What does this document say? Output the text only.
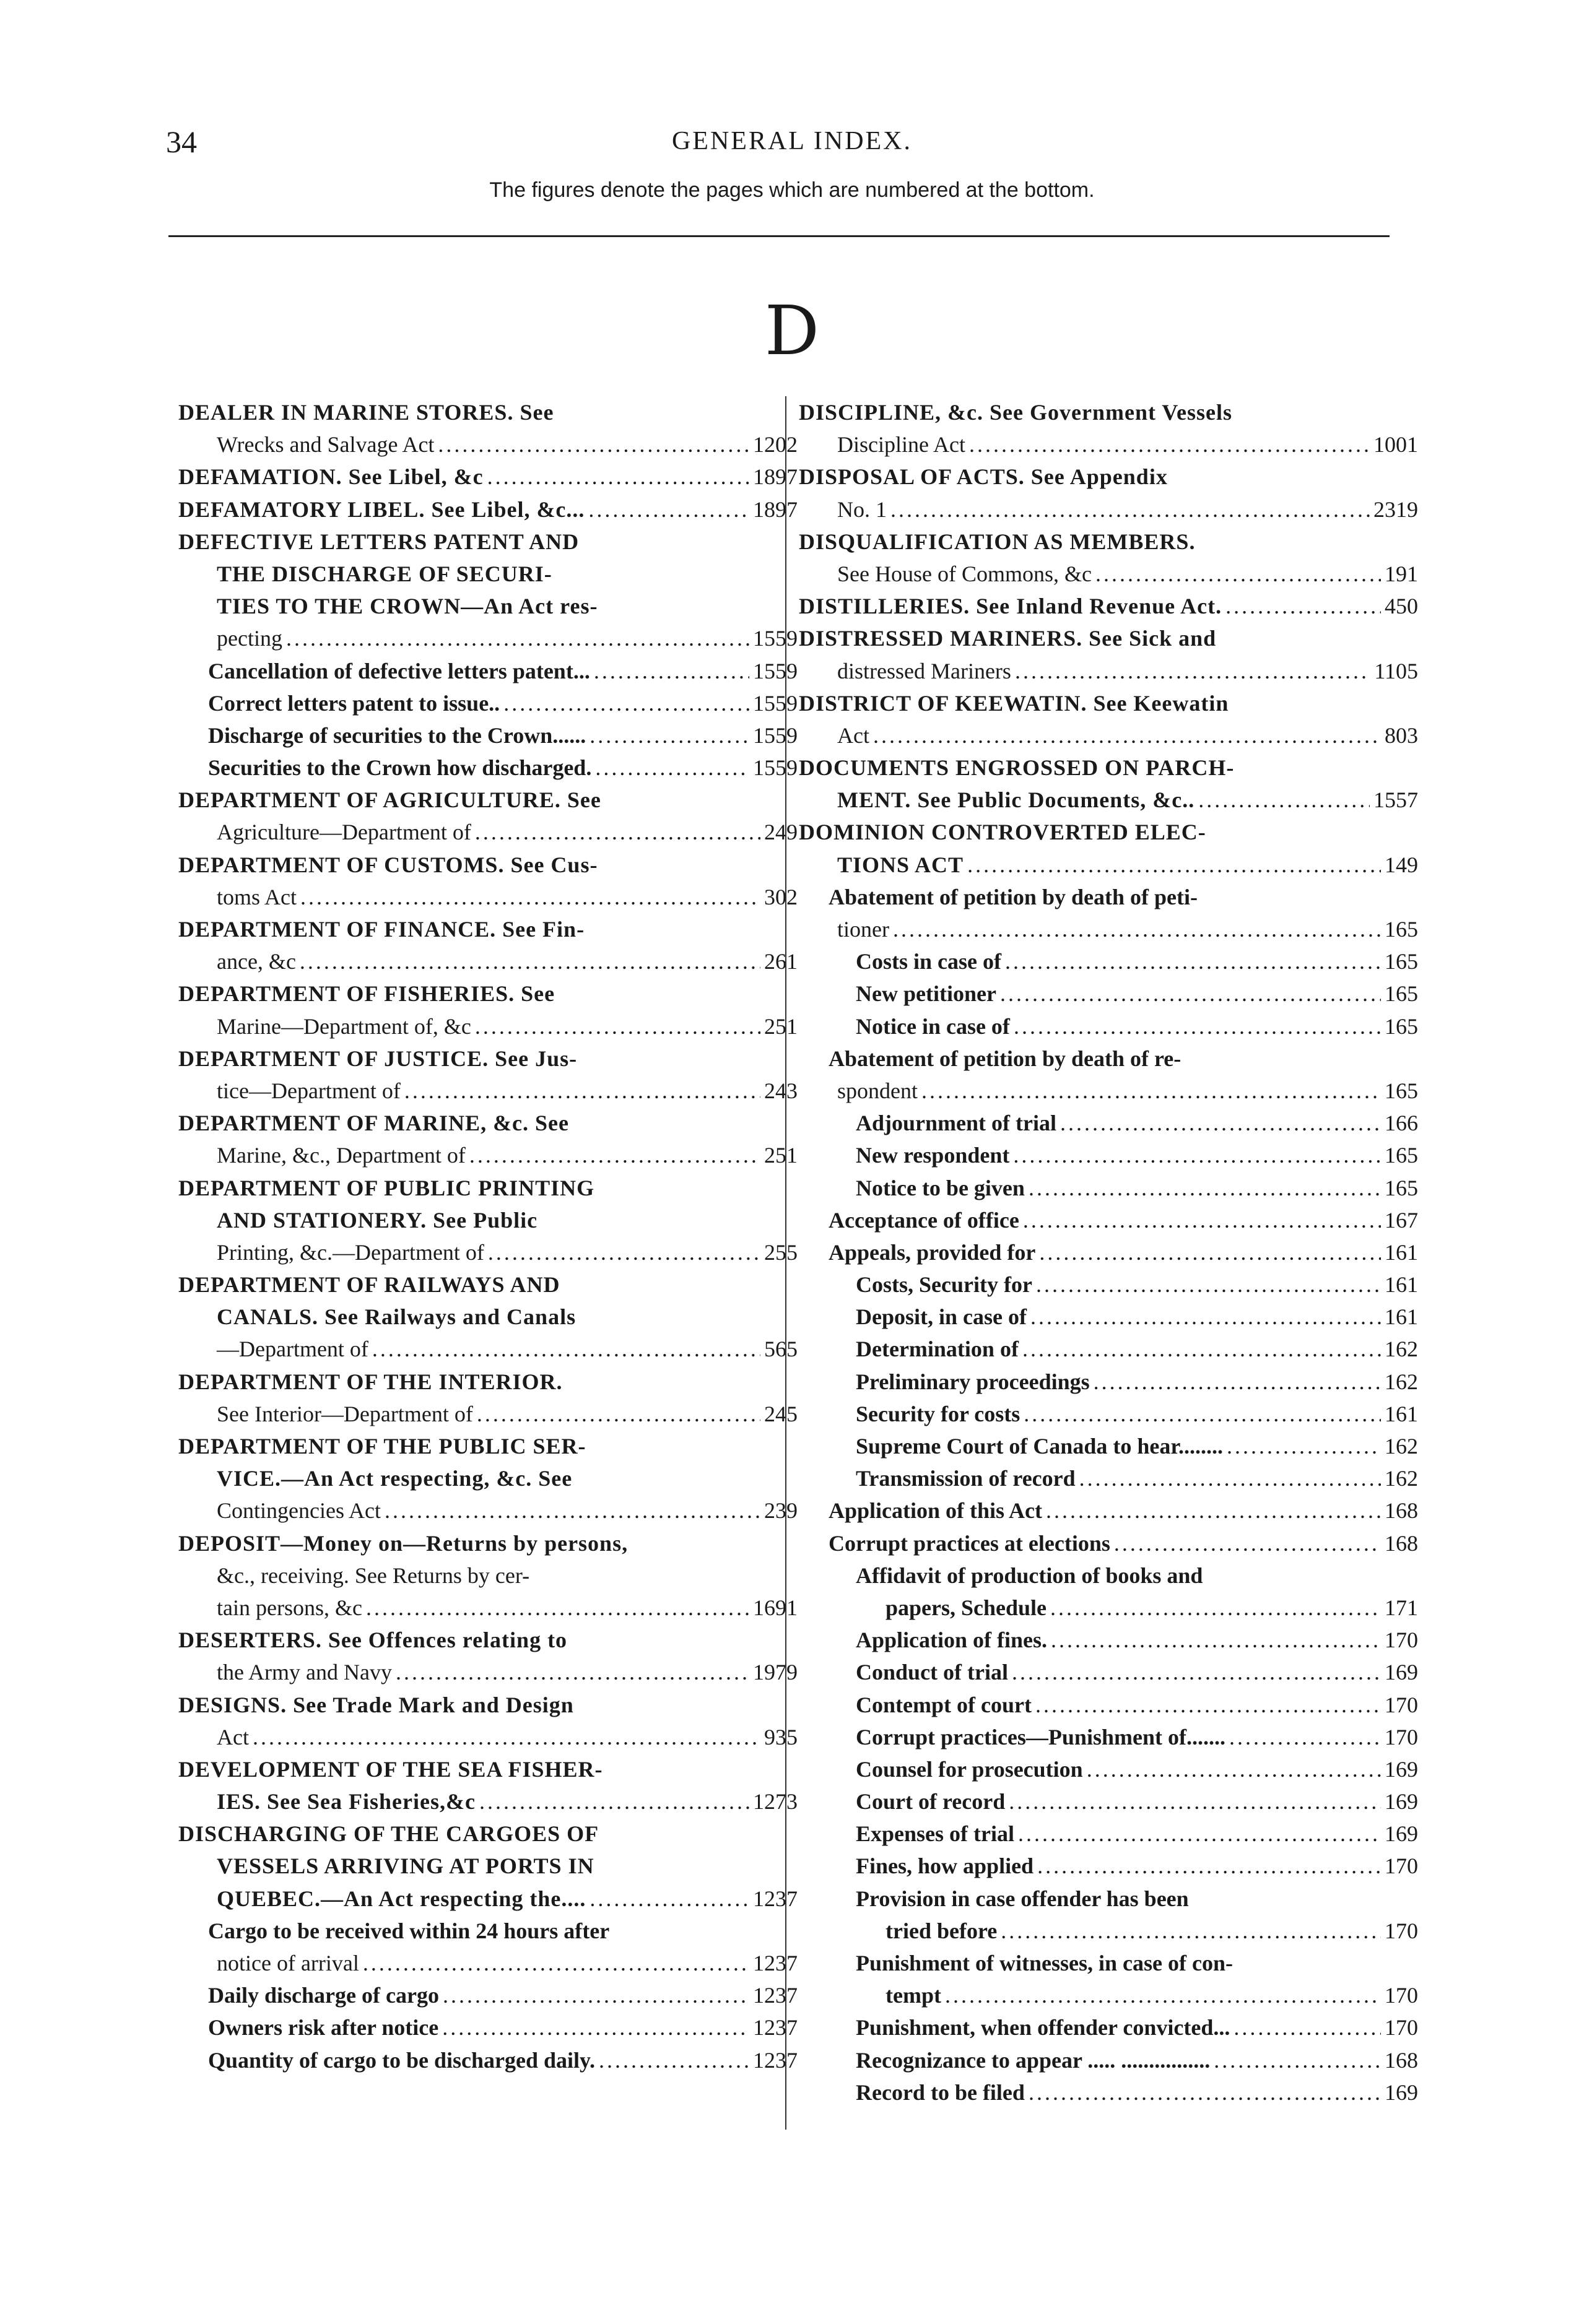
34	GENERAL INDEX.
The figures denote the pages which are numbered at the bottom.
D
DEALER IN MARINE STORES. See
Wrecks and Salvage Act .....	1202
DEFAMATION. See Libel, &c .....	1897
DEFAMATORY LIBEL. See Libel, &c... .....	1897
DEFECTIVE LETTERS PATENT AND
THE DISCHARGE OF SECURI-
TIES TO THE CROWN—An Act res-
pecting .....	1559
Cancellation of defective letters patent... .....	1559
Correct letters patent to issue.. .....	1559
Discharge of securities to the Crown...... .....	1559
Securities to the Crown how discharged. .....	1559
DEPARTMENT OF AGRICULTURE. See
Agriculture—Department of .....	249
DEPARTMENT OF CUSTOMS. See Cus-
toms Act .....	302
DEPARTMENT OF FINANCE. See Fin-
ance, &c .....	261
DEPARTMENT OF FISHERIES. See
Marine—Department of, &c .....	251
DEPARTMENT OF JUSTICE. See Jus-
tice—Department of .....	243
DEPARTMENT OF MARINE, &c. See
Marine, &c., Department of .....	251
DEPARTMENT OF PUBLIC PRINTING
AND STATIONERY. See Public
Printing, &c.—Department of .....	255
DEPARTMENT OF RAILWAYS AND
CANALS. See Railways and Canals
—Department of .....	565
DEPARTMENT OF THE INTERIOR.
See Interior—Department of .....	245
DEPARTMENT OF THE PUBLIC SER-
VICE.—An Act respecting, &c. See
Contingencies Act .....	239
DEPOSIT—Money on—Returns by persons,
&c., receiving. See Returns by cer-
tain persons, &c .....	1691
DESERTERS. See Offences relating to
the Army and Navy .....	1979
DESIGNS. See Trade Mark and Design
Act .....	935
DEVELOPMENT OF THE SEA FISHER-
IES. See Sea Fisheries,&c .....	1273
DISCHARGING OF THE CARGOES OF
VESSELS ARRIVING AT PORTS IN
QUEBEC.—An Act respecting the.... .....	1237
Cargo to be received within 24 hours after
notice of arrival .....	1237
Daily discharge of cargo .....	1237
Owners risk after notice .....	1237
Quantity of cargo to be discharged daily. .....	1237
DISCIPLINE, &c. See Government Vessels
Discipline Act .....	1001
DISPOSAL OF ACTS. See Appendix
No. 1 .....	2319
DISQUALIFICATION AS MEMBERS.
See House of Commons, &c .....	191
DISTILLERIES. See Inland Revenue Act. .....	450
DISTRESSED MARINERS. See Sick and
distressed Mariners .....	1105
DISTRICT OF KEEWATIN. See Keewatin
Act .....	803
DOCUMENTS ENGROSSED ON PARCH-
MENT. See Public Documents, &c.. .....	1557
DOMINION CONTROVERTED ELEC-
TIONS ACT .....	149
Abatement of petition by death of peti-
tioner .....	165
Costs in case of .....	165
New petitioner .....	165
Notice in case of .....	165
Abatement of petition by death of re-
spondent .....	165
Adjournment of trial .....	166
New respondent .....	165
Notice to be given .....	165
Acceptance of office .....	167
Appeals, provided for .....	161
Costs, Security for .....	161
Deposit, in case of .....	161
Determination of .....	162
Preliminary proceedings .....	162
Security for costs .....	161
Supreme Court of Canada to hear........ .....	162
Transmission of record .....	162
Application of this Act .....	168
Corrupt practices at elections .....	168
Affidavit of production of books and
papers, Schedule .....	171
Application of fines. .....	170
Conduct of trial .....	169
Contempt of court .....	170
Corrupt practices—Punishment of....... .....	170
Counsel for prosecution .....	169
Court of record .....	169
Expenses of trial .....	169
Fines, how applied .....	170
Provision in case offender has been
tried before .....	170
Punishment of witnesses, in case of con-
tempt .....	170
Punishment, when offender convicted... .....	170
Recognizance to appear ..... ................ .....	168
Record to be filed .....	169
